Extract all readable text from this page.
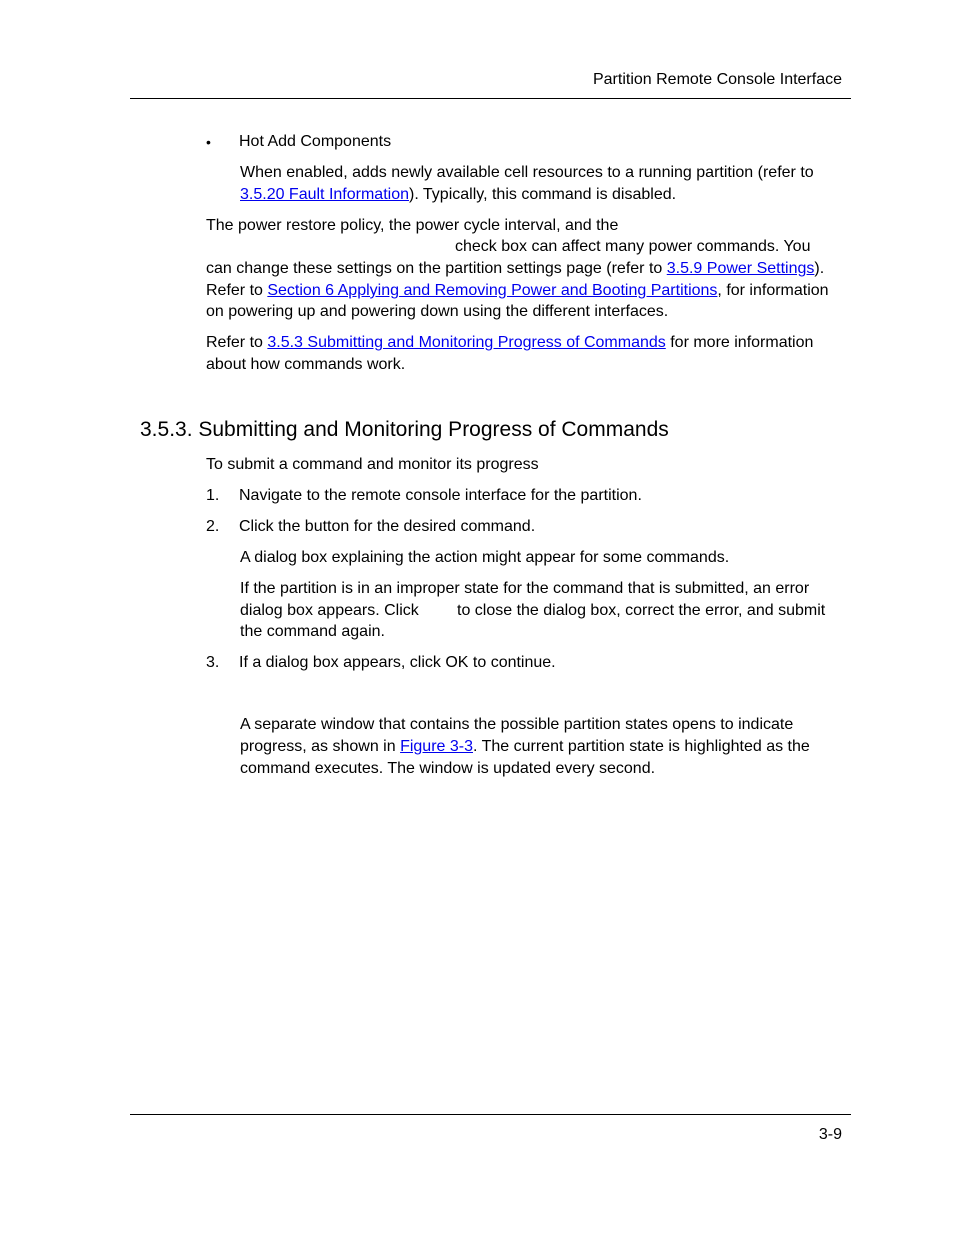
Partition Remote Console Interface
• Hot Add Components
When enabled, adds newly available cell resources to a running partition (refer to
3.5.20 Fault Information). Typically, this command is disabled.
The power restore policy, the power cycle interval, and the
check box can affect many power commands. You
can change these settings on the partition settings page (refer to 3.5.9 Power Settings).
Refer to Section 6 Applying and Removing Power and Booting Partitions, for information
on powering up and powering down using the different interfaces.
Refer to 3.5.3 Submitting and Monitoring Progress of Commands for more information
about how commands work.
3.5.3. Submitting and Monitoring Progress of Commands
To submit a command and monitor its progress
1. Navigate to the remote console interface for the partition.
2. Click the button for the desired command.
A dialog box explaining the action might appear for some commands.
If the partition is in an improper state for the command that is submitted, an error
dialog box appears. Click to close the dialog box, correct the error, and submit
the command again.
3. If a dialog box appears, click OK to continue.
A separate window that contains the possible partition states opens to indicate
progress, as shown in Figure 3-3. The current partition state is highlighted as the
command executes. The window is updated every second.
3-9
